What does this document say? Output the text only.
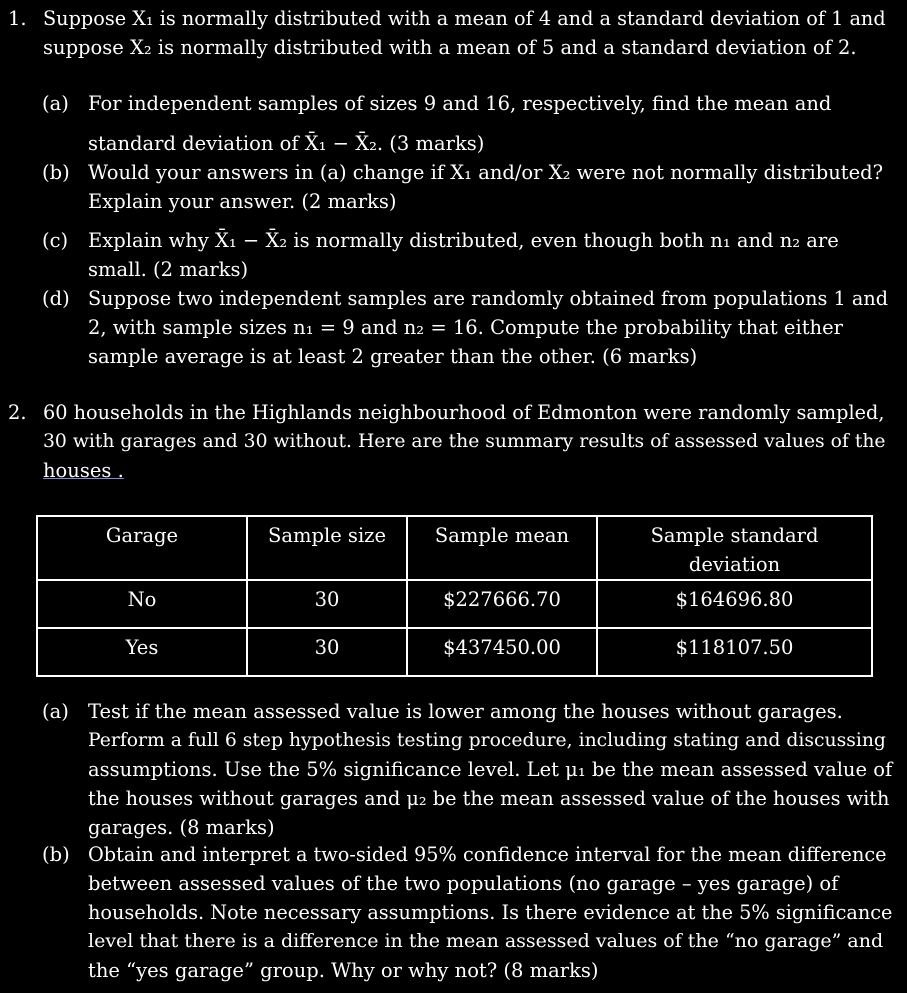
1. Suppose X₁ is normally distributed with a mean of 4 and a standard deviation of 1 and
suppose X₂ is normally distributed with a mean of 5 and a standard deviation of 2.
(a) For independent samples of sizes 9 and 16, respectively, find the mean and
standard deviation of X̄₁ − X̄₂. (3 marks)
(b) Would your answers in (a) change if X₁ and/or X₂ were not normally distributed?
Explain your answer. (2 marks)
(c)	Explain why X̄₁ − X̄₂ is normally distributed, even though both n₁ and n₂ are
small. (2 marks)
(d) Suppose two independent samples are randomly obtained from populations 1 and
2, with sample sizes n₁ = 9 and n₂ = 16. Compute the probability that either
sample average is at least 2 greater than the other. (6 marks)
2. 60 households in the Highlands neighbourhood of Edmonton were randomly sampled,
30 with garages and 30 without. Here are the summary results of assessed values of the
houses .
Garage	Sample size	Sample mean	Sample standard deviation
No	30	$227666.70	$164696.80
Yes	30	$437450.00	$118107.50
(a) Test if the mean assessed value is lower among the houses without garages.
Perform a full 6 step hypothesis testing procedure, including stating and discussing
assumptions. Use the 5% significance level. Let μ₁ be the mean assessed value of
the houses without garages and μ₂ be the mean assessed value of the houses with
garages. (8 marks)
(b) Obtain and interpret a two-sided 95% confidence interval for the mean difference
between assessed values of the two populations (no garage – yes garage) of
households. Note necessary assumptions. Is there evidence at the 5% significance
level that there is a difference in the mean assessed values of the “no garage” and
the “yes garage” group. Why or why not? (8 marks)
